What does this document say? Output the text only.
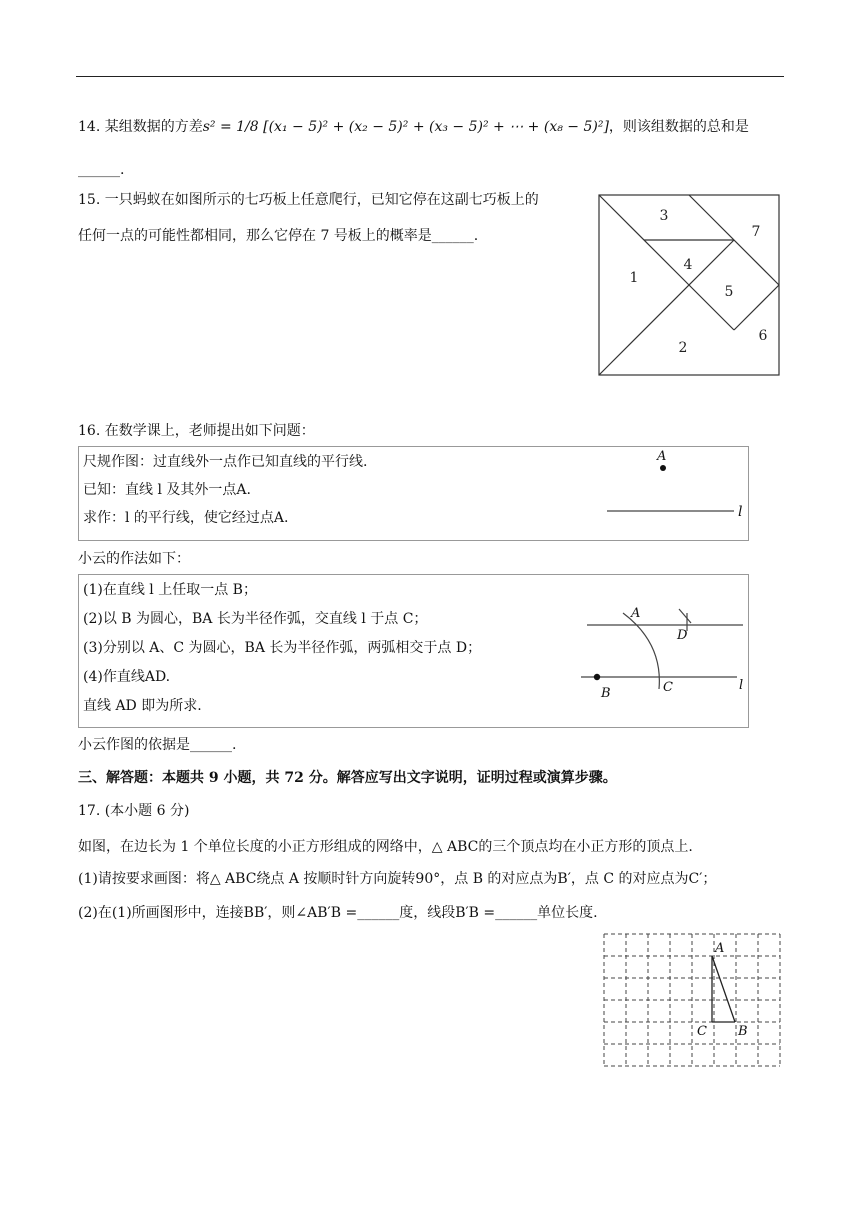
14. 某组数据的方差s² = 1/8 [(x₁ − 5)² + (x₂ − 5)² + (x₃ − 5)² + ⋯ + (x₈ − 5)²]，则该组数据的总和是
______.
15. 一只蚂蚁在如图所示的七巧板上任意爬行，已知它停在这副七巧板上的
任何一点的可能性都相同，那么它停在 7 号板上的概率是______.
3
7
1
4
5
6
2
16. 在数学课上，老师提出如下问题：
尺规作图：过直线外一点作已知直线的平行线.
已知：直线 l 及其外一点A.
求作：l 的平行线，使它经过点A.
A
l
小云的作法如下：
(1)在直线 l 上任取一点 B；
(2)以 B 为圆心，BA 长为半径作弧，交直线 l 于点 C；
(3)分别以 A、C 为圆心，BA 长为半径作弧，两弧相交于点 D；
(4)作直线AD.
直线 AD 即为所求.
A
D
B	C	l
小云作图的依据是______.
三、解答题：本题共 9 小题，共 72 分。解答应写出文字说明，证明过程或演算步骤。
17. (本小题 6 分)
如图，在边长为 1 个单位长度的小正方形组成的网络中，△ ABC的三个顶点均在小正方形的顶点上.
(1)请按要求画图：将△ ABC绕点 A 按顺时针方向旋转90°，点 B 的对应点为B′，点 C 的对应点为C′；
(2)在(1)所画图形中，连接BB′，则∠AB′B =______度，线段B′B =______单位长度.
A
C B
